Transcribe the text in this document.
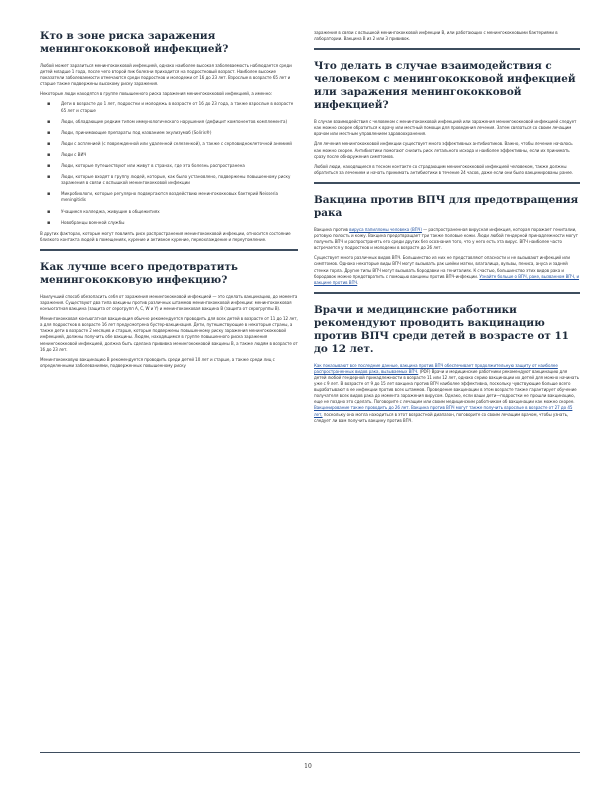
Кто в зоне риска заражения менингококковой инфекцией?

Любой может заразиться менингококковой инфекцией, однако наиболее высокая заболеваемость наблюдается среди детей младше 1 года, после чего второй пик болезни приходится на подростковый возраст. Наиболее высокие показатели заболеваемости отмечаются среди подростков и молодежи от 16 до 23 лет. Взрослые в возрасте 65 лет и старше также подвержены высокому риску заражения.

Некоторые люди находятся в группе повышенного риска заражения менингококковой инфекцией, а именно:

▪	Дети в возрасте до 1 лет, подростки и молодежь в возрасте от 16 до 23 года, а также взрослые в возрасте 65 лет и старше
▪	Люди, обладающие редким типом иммунологического нарушения (дефицит компонентов комплемента)
▪	Люди, принимающие препараты под названием экулизумаб (Soliris®)
▪	Люди с асплениeй (с поврежденной или удаленной селезенкой), а также с серповидноклеточной анемией
▪	Люди с ВИЧ
▪	Люди, которые путешествуют или живут в странах, где эта болезнь распространена
▪	Люди, которые входят в группу людей, которые, как было установлено, подвержены повышенному риску заражения в связи с вспышкой менингококковой инфекции
▪	Микробиологи, которые регулярно подвергаются воздействию менингококковых бактерий Neisseria meningitidis
▪	Учащиеся колледжа, живущие в общежитиях
▪	Новобранцы военной службы

В других факторах, которые могут повлиять риск распространения менингококковой инфекции, относится состояние близкого контакта людей в помещениях, курение и активное курение, переохлаждение и переутомление.

Как лучше всего предотвратить менингококковую инфекцию?

Наилучший способ обезопасить себя от заражения менингококковой инфекцией — это сделать вакцинацию, до момента заражения. Существуют два типа вакцины против различных штаммов менингококковой инфекции: менингококковая конъюгатная вакцина (защита от серогрупп A, C, W и Y) и менингококковая вакцина B (защита от серогруппы B).

Менингококковая конъюгатная вакцинация обычно рекомендуется проводить для всех детей в возрасте от 11 до 12 лет, а для подростков в возрасте 16 лет предусмотрена бустер-вакцинация. Дети, путешествующие в некоторые страны, а также дети в возрасте 2 месяцев и старше, которые подвержены повышенному риску заражения менингококковой инфекцией, должны получить обе вакцины. Людям, находящимся в группе повышенного риска заражения менингококковой инфекцией, должна быть сделана прививка менингококковой вакцины B, а также людям в возрасте от 16 до 23 лет.

Менингококковую вакцинацию B рекомендуется проводить среди детей 10 лет и старше, а также среди лиц с определенными заболеваниями, подверженных повышенному риску

заражения в связи с вспышкой менингококковой инфекции B, или работающих с менингококковыми бактериями в лаборатории. Вакцина B из 2 или 3 прививок.

Что делать в случае взаимодействия с человеком с менингококковой инфекцией или заражения менингококковой инфекцией?

В случае взаимодействия с человеком с менингококковой инфекцией или заражения менингококковой инфекцией следует как можно скорее обратиться к врачу или местный помощи для проведения лечения. Затем связаться со своим лечащим врачом или местным управлением здравоохранения.

Для лечения менингококковой инфекции существует много эффективных антибиотиков. Важно, чтобы лечение началось как можно скорее. Антибиотики помогают снизить риск летального исхода и наиболее эффективны, если их принимать сразу после обнаружения симптомов.

Любой люди, находящиеся в тесном контакте со страдающим менингококковой инфекцией человеком, также должны обратиться за лечением и начать принимать антибиотики в течение 24 часов, даже если они было вакцинированы ранее.

Вакцина против ВПЧ для предотвращения рака

Вакцина против вируса папилломы человека (ВПЧ) — распространенная вирусная инфекция, которая поражает гениталии, ротовую полость и кожу. Вакцина предотвращает три также половые кожи. Люди любой гендерной принадлежности могут получить ВПЧ и распространять его среди других без осознания того, что у него есть эта вирус. ВПЧ наиболее часто встречается у подростков и молодежи в возрасте до 26 лет.

Существует много различных видов ВПЧ. Большинство из них не представляют опасности и не вызывают инфекций или симптомов. Однако некоторые виды ВПЧ могут вызывать рак шейки матки, влагалища, вульвы, пениса, ануса и задней стенки горла. Другие типы ВПЧ могут вызывать бородавки на гениталиях. К счастью, большинство этих видов рака и бородавок можно предотвратить с помощью вакцины против ВПЧ-инфекции. Узнайте больше о ВПЧ, раке, вызванном ВПЧ, и вакцине против ВПЧ.

Врачи и медицинские работники рекомендуют проводить вакцинацию против ВПЧ среди детей в возрасте от 11 до 12 лет.

Как показывают все последние данные, вакцина против ВПЧ обеспечивает продолжительную защиту от наиболее распространенных видов рака, вызываемых ВПЧ. (PDF) Врачи и медицинские работники рекомендуют вакцинацию для детей любой гендерной принадлежности в возрасте 11 или 12 лет, однако серию вакцинации их детей для можно начинать уже с 9 лет. В возрасте от 9 до 15 лет вакцина против ВПЧ наиболее эффективна, поскольку чувствующие больше всего вырабатывают в ее инфекции против всех штаммов. Проведение вакцинации в этом возрасте также гарантирует обучение получателя всех видов рака до момента заражения вирусом. Однако, если ваши дети—подростки не прошли вакцинацию, еще не поздно это сделать. Поговорите с лечащим или своим медицинским работником об вакцинации как можно скорее. Вакцинирование также проводить до 26 лет. Вакцина против ВПЧ могут также получить взрослые в возрасте от 27 до 45 лет, поскольку она могла находиться в этот возрастной диапазон, поговорите со своим лечащим врачом, чтобы узнать, следует ли вам получить вакцину против ВПЧ.

10
